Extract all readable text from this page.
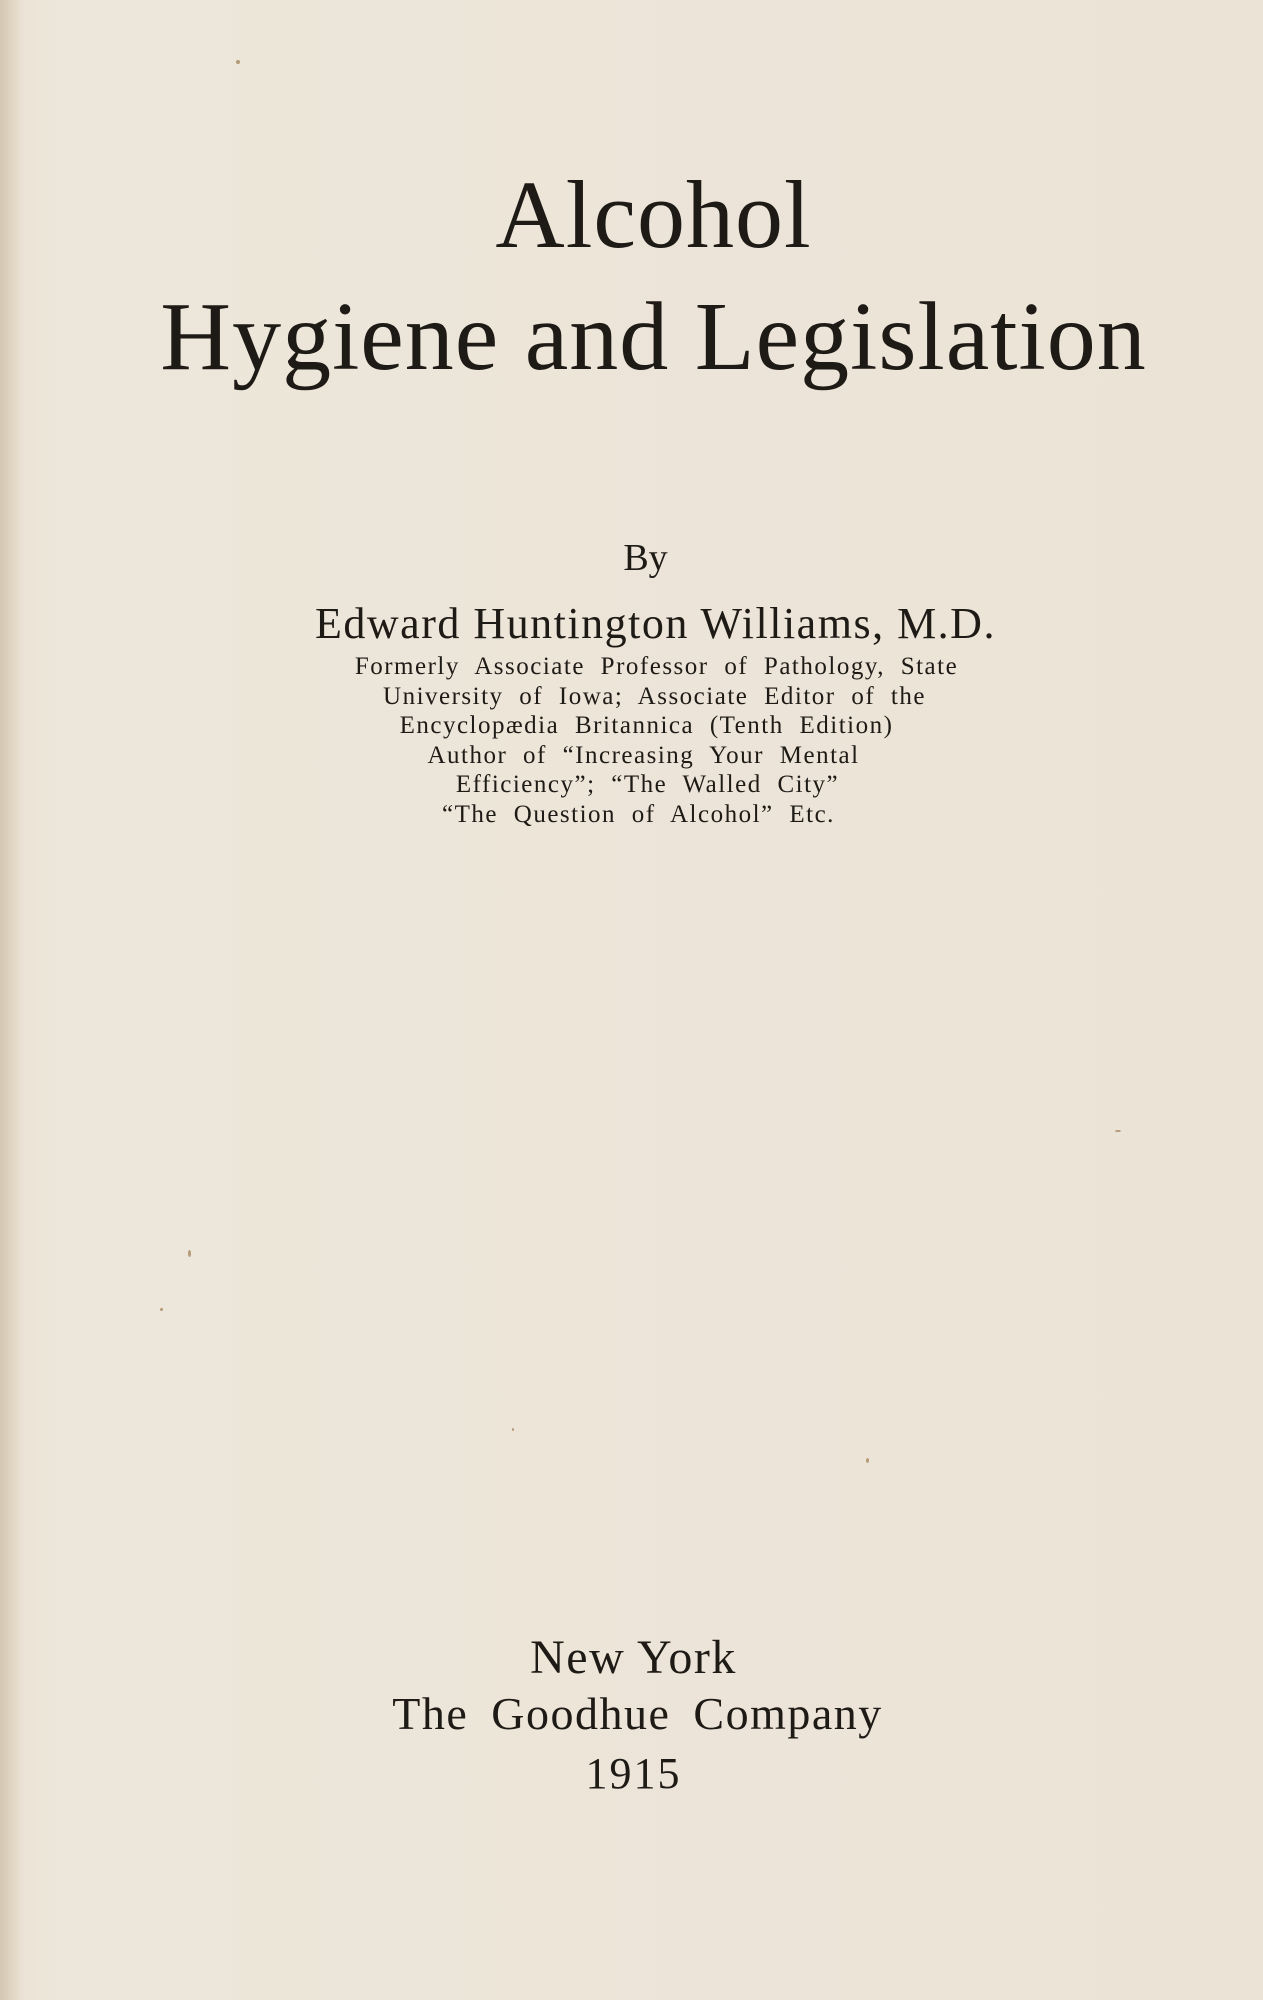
Alcohol
Hygiene and Legislation
By
Edward Huntington Williams, M.D.
Formerly Associate Professor of Pathology, State
University of Iowa; Associate Editor of the
Encyclopædia Britannica (Tenth Edition)
Author of “Increasing Your Mental
Efficiency”; “The Walled City”
“The Question of Alcohol” Etc.
New York
The Goodhue Company
1915
